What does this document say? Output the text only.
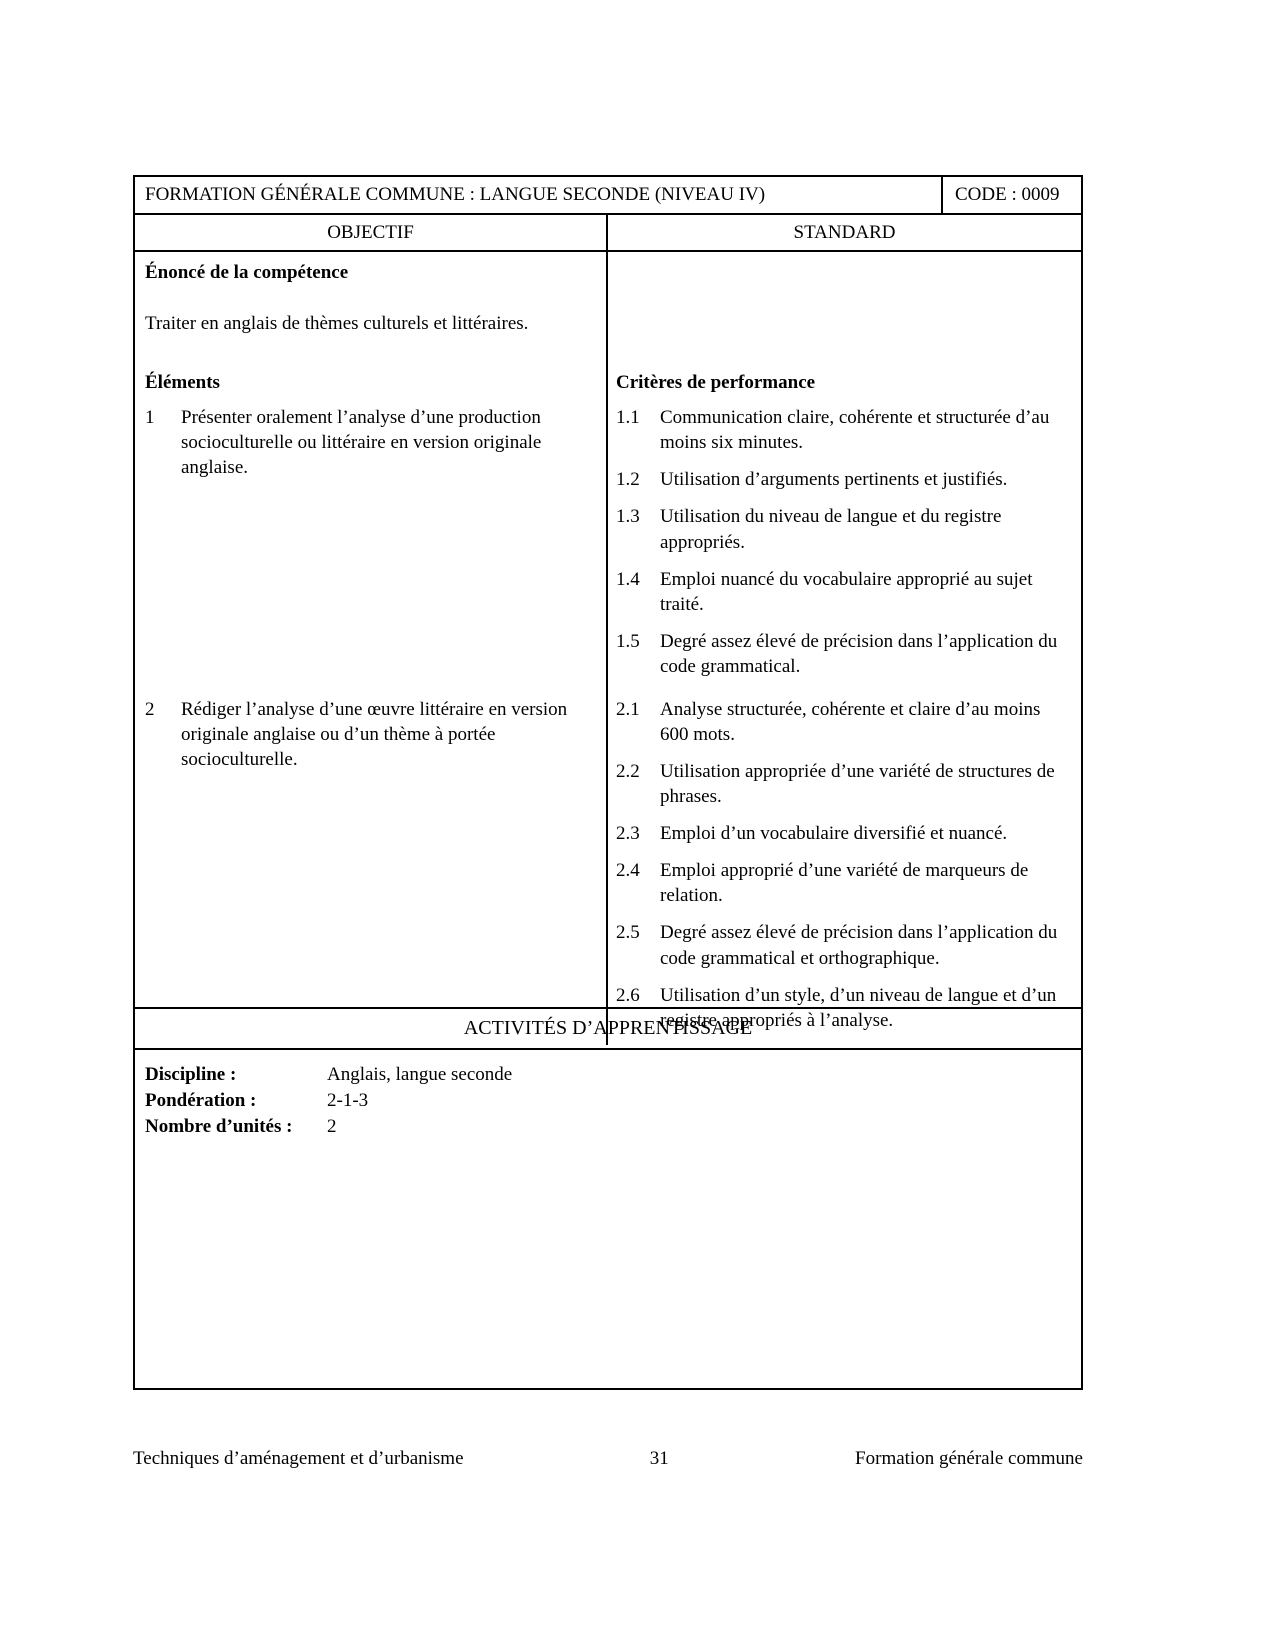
FORMATION GÉNÉRALE COMMUNE : LANGUE SECONDE (NIVEAU IV)	CODE : 0009
OBJECTIF	STANDARD
Énoncé de la compétence
Traiter en anglais de thèmes culturels et littéraires.
Éléments	Critères de performance
1	Présenter oralement l’analyse d’une production socioculturelle ou littéraire en version originale anglaise.
1.1	Communication claire, cohérente et structurée d’au moins six minutes.
1.2	Utilisation d’arguments pertinents et justifiés.
1.3	Utilisation du niveau de langue et du registre appropriés.
1.4	Emploi nuancé du vocabulaire approprié au sujet traité.
1.5	Degré assez élevé de précision dans l’application du code grammatical.
2	Rédiger l’analyse d’une œuvre littéraire en version originale anglaise ou d’un thème à portée socioculturelle.
2.1	Analyse structurée, cohérente et claire d’au moins 600 mots.
2.2	Utilisation appropriée d’une variété de structures de phrases.
2.3	Emploi d’un vocabulaire diversifié et nuancé.
2.4	Emploi approprié d’une variété de marqueurs de relation.
2.5	Degré assez élevé de précision dans l’application du code grammatical et orthographique.
2.6	Utilisation d’un style, d’un niveau de langue et d’un registre appropriés à l’analyse.
ACTIVITÉS D’APPRENTISSAGE
Discipline :	Anglais, langue seconde
Pondération :	2-1-3
Nombre d’unités :	2
Techniques d’aménagement et d’urbanisme	31	Formation générale commune
